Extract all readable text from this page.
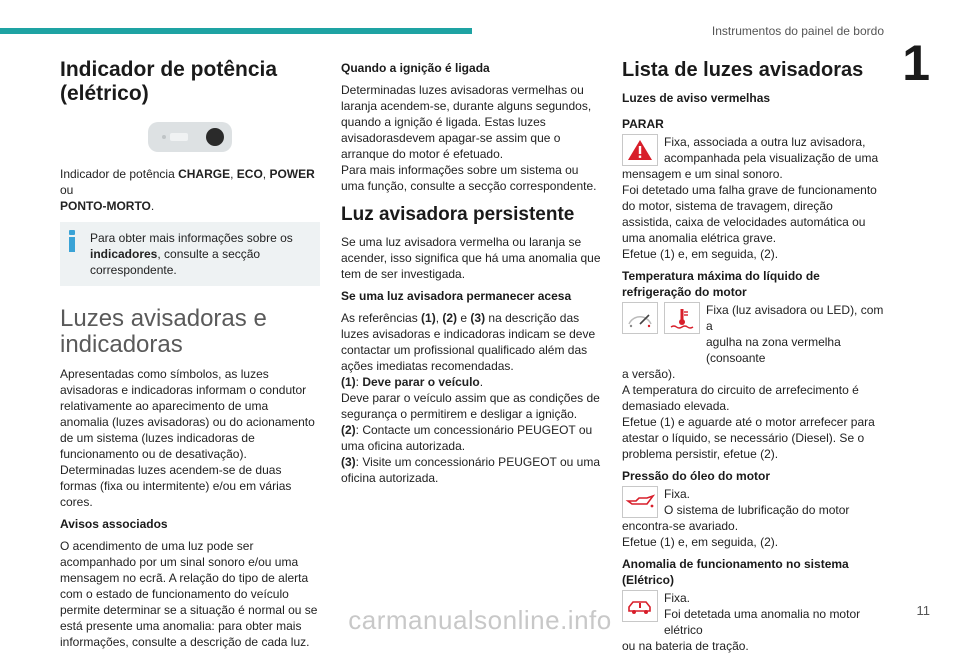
Instrumentos do painel de bordo
1
Indicador de potência
(elétrico)

Indicador de potência CHARGE, ECO, POWER ou
PONTO-MORTO.

Para obter mais informações sobre os indicadores, consulte a secção correspondente.

Luzes avisadoras e
indicadoras

Apresentadas como símbolos, as luzes avisadoras e indicadoras informam o condutor relativamente ao aparecimento de uma anomalia (luzes avisadoras) ou do acionamento de um sistema (luzes indicadoras de funcionamento ou de desativação). Determinadas luzes acendem-se de duas formas (fixa ou intermitente) e/ou em várias cores.

Avisos associados

O acendimento de uma luz pode ser acompanhado por um sinal sonoro e/ou uma mensagem no ecrã. A relação do tipo de alerta com o estado de funcionamento do veículo permite determinar se a situação é normal ou se está presente uma anomalia: para obter mais informações, consulte a descrição de cada luz.

Quando a ignição é ligada

Determinadas luzes avisadoras vermelhas ou laranja acendem-se, durante alguns segundos, quando a ignição é ligada. Estas luzes avisadorasdevem apagar-se assim que o arranque do motor é efetuado.

Para mais informações sobre um sistema ou uma função, consulte a secção correspondente.

Luz avisadora persistente

Se uma luz avisadora vermelha ou laranja se acender, isso significa que há uma anomalia que tem de ser investigada.

Se uma luz avisadora permanecer acesa

As referências (1), (2) e (3) na descrição das luzes avisadoras e indicadoras indicam se deve contactar um profissional qualificado além das ações imediatas recomendadas.

(1): Deve parar o veículo.
Deve parar o veículo assim que as condições de segurança o permitirem e desligar a ignição.

(2): Contacte um concessionário PEUGEOT ou uma oficina autorizada.

(3): Visite um concessionário PEUGEOT ou uma oficina autorizada.

Lista de luzes avisadoras
Luzes de aviso vermelhas
PARAR

Fixa, associada a outra luz avisadora,
acompanhada pela visualização de uma

mensagem e um sinal sonoro.

Foi detetado uma falha grave de funcionamento do motor, sistema de travagem, direção assistida, caixa de velocidades automática ou uma anomalia elétrica grave.

Efetue (1) e, em seguida, (2).

Temperatura máxima do líquido de refrigeração do motor

Fixa (luz avisadora ou LED), com a
agulha na zona vermelha (consoante

a versão).

A temperatura do circuito de arrefecimento é demasiado elevada.

Efetue (1) e aguarde até o motor arrefecer para atestar o líquido, se necessário (Diesel). Se o problema persistir, efetue (2).

Pressão do óleo do motor

Fixa.
O sistema de lubrificação do motor

encontra-se avariado.

Efetue (1) e, em seguida, (2).

Anomalia de funcionamento no sistema (Elétrico)

Fixa.
Foi detetada uma anomalia no motor elétrico

ou na bateria de tração.

11
carmanualsonline.info
